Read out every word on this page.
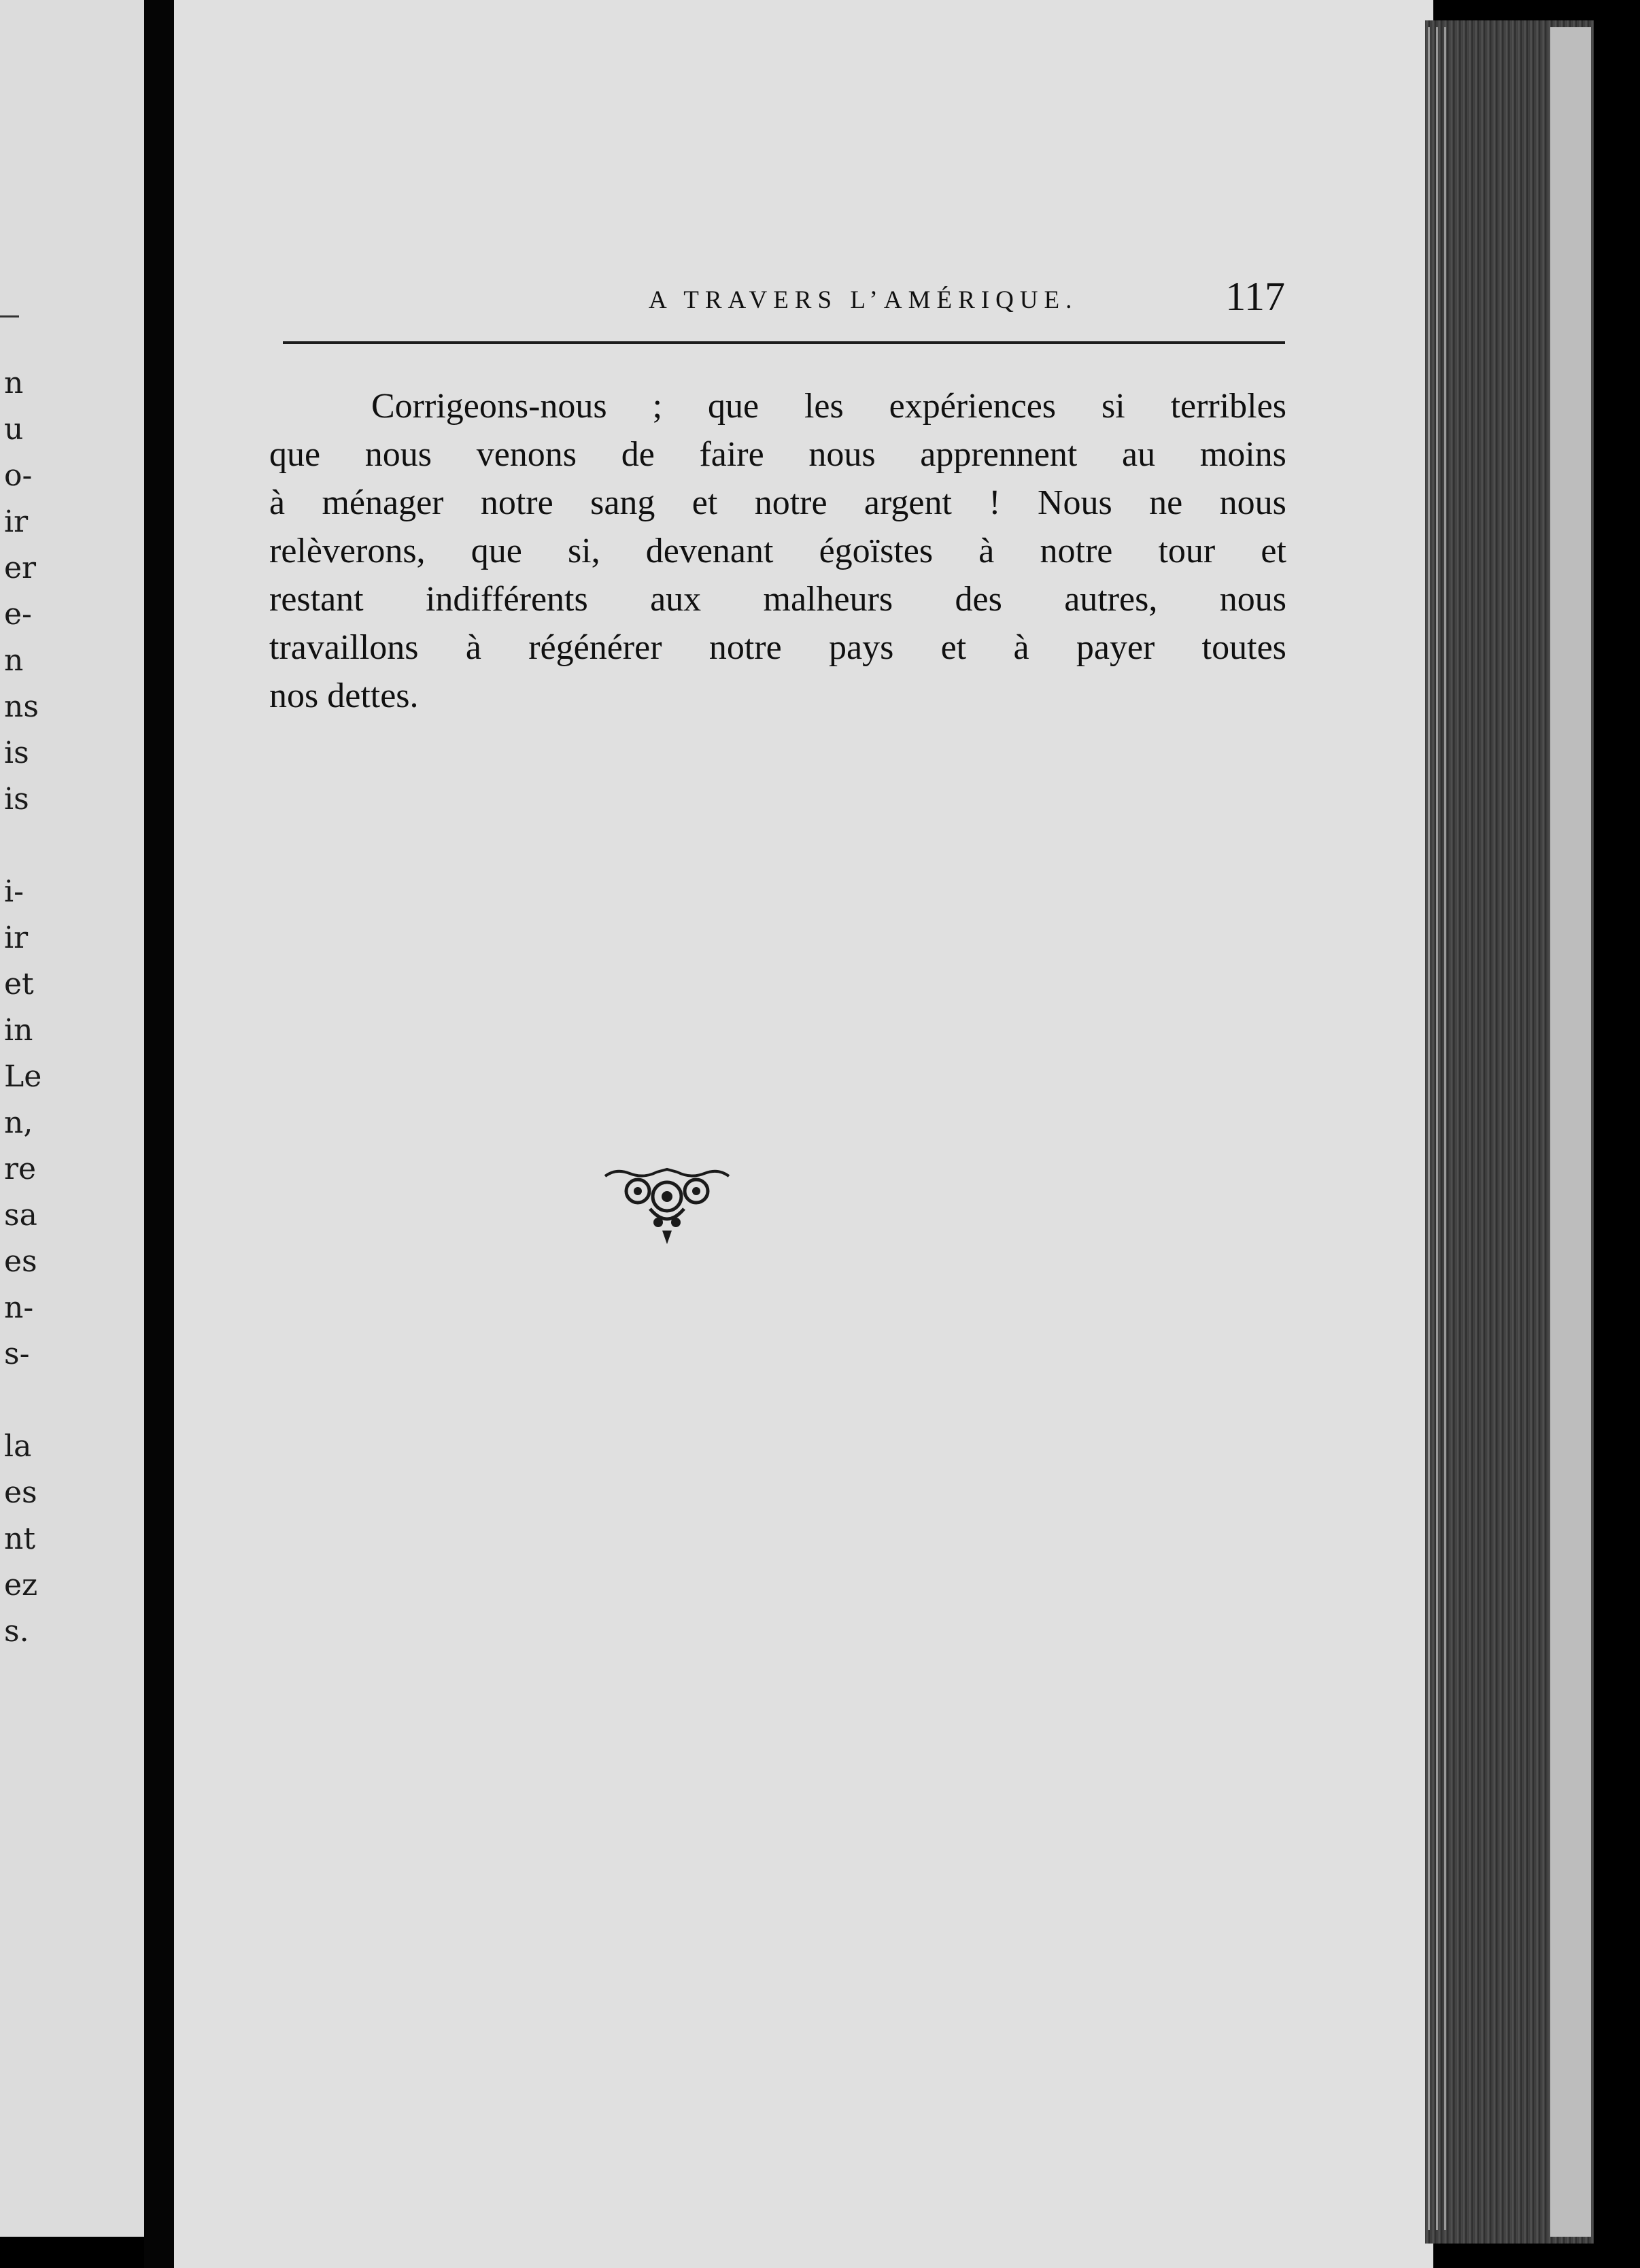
n
u
o-
ir
er
e-
n
ns
is
is
i-
ir
et
in
Le
n,
re
sa
es
n-
s-
la
es
nt
ez
s.
A TRAVERS L’AMÉRIQUE.	117
Corrigeons-nous ; que les expériences si terribles
que nous venons de faire nous apprennent au moins
à ménager notre sang et notre argent ! Nous ne nous
relèverons, que si, devenant égoïstes à notre tour et
restant indifférents aux malheurs des autres, nous
travaillons à régénérer notre pays et à payer toutes
nos dettes.
